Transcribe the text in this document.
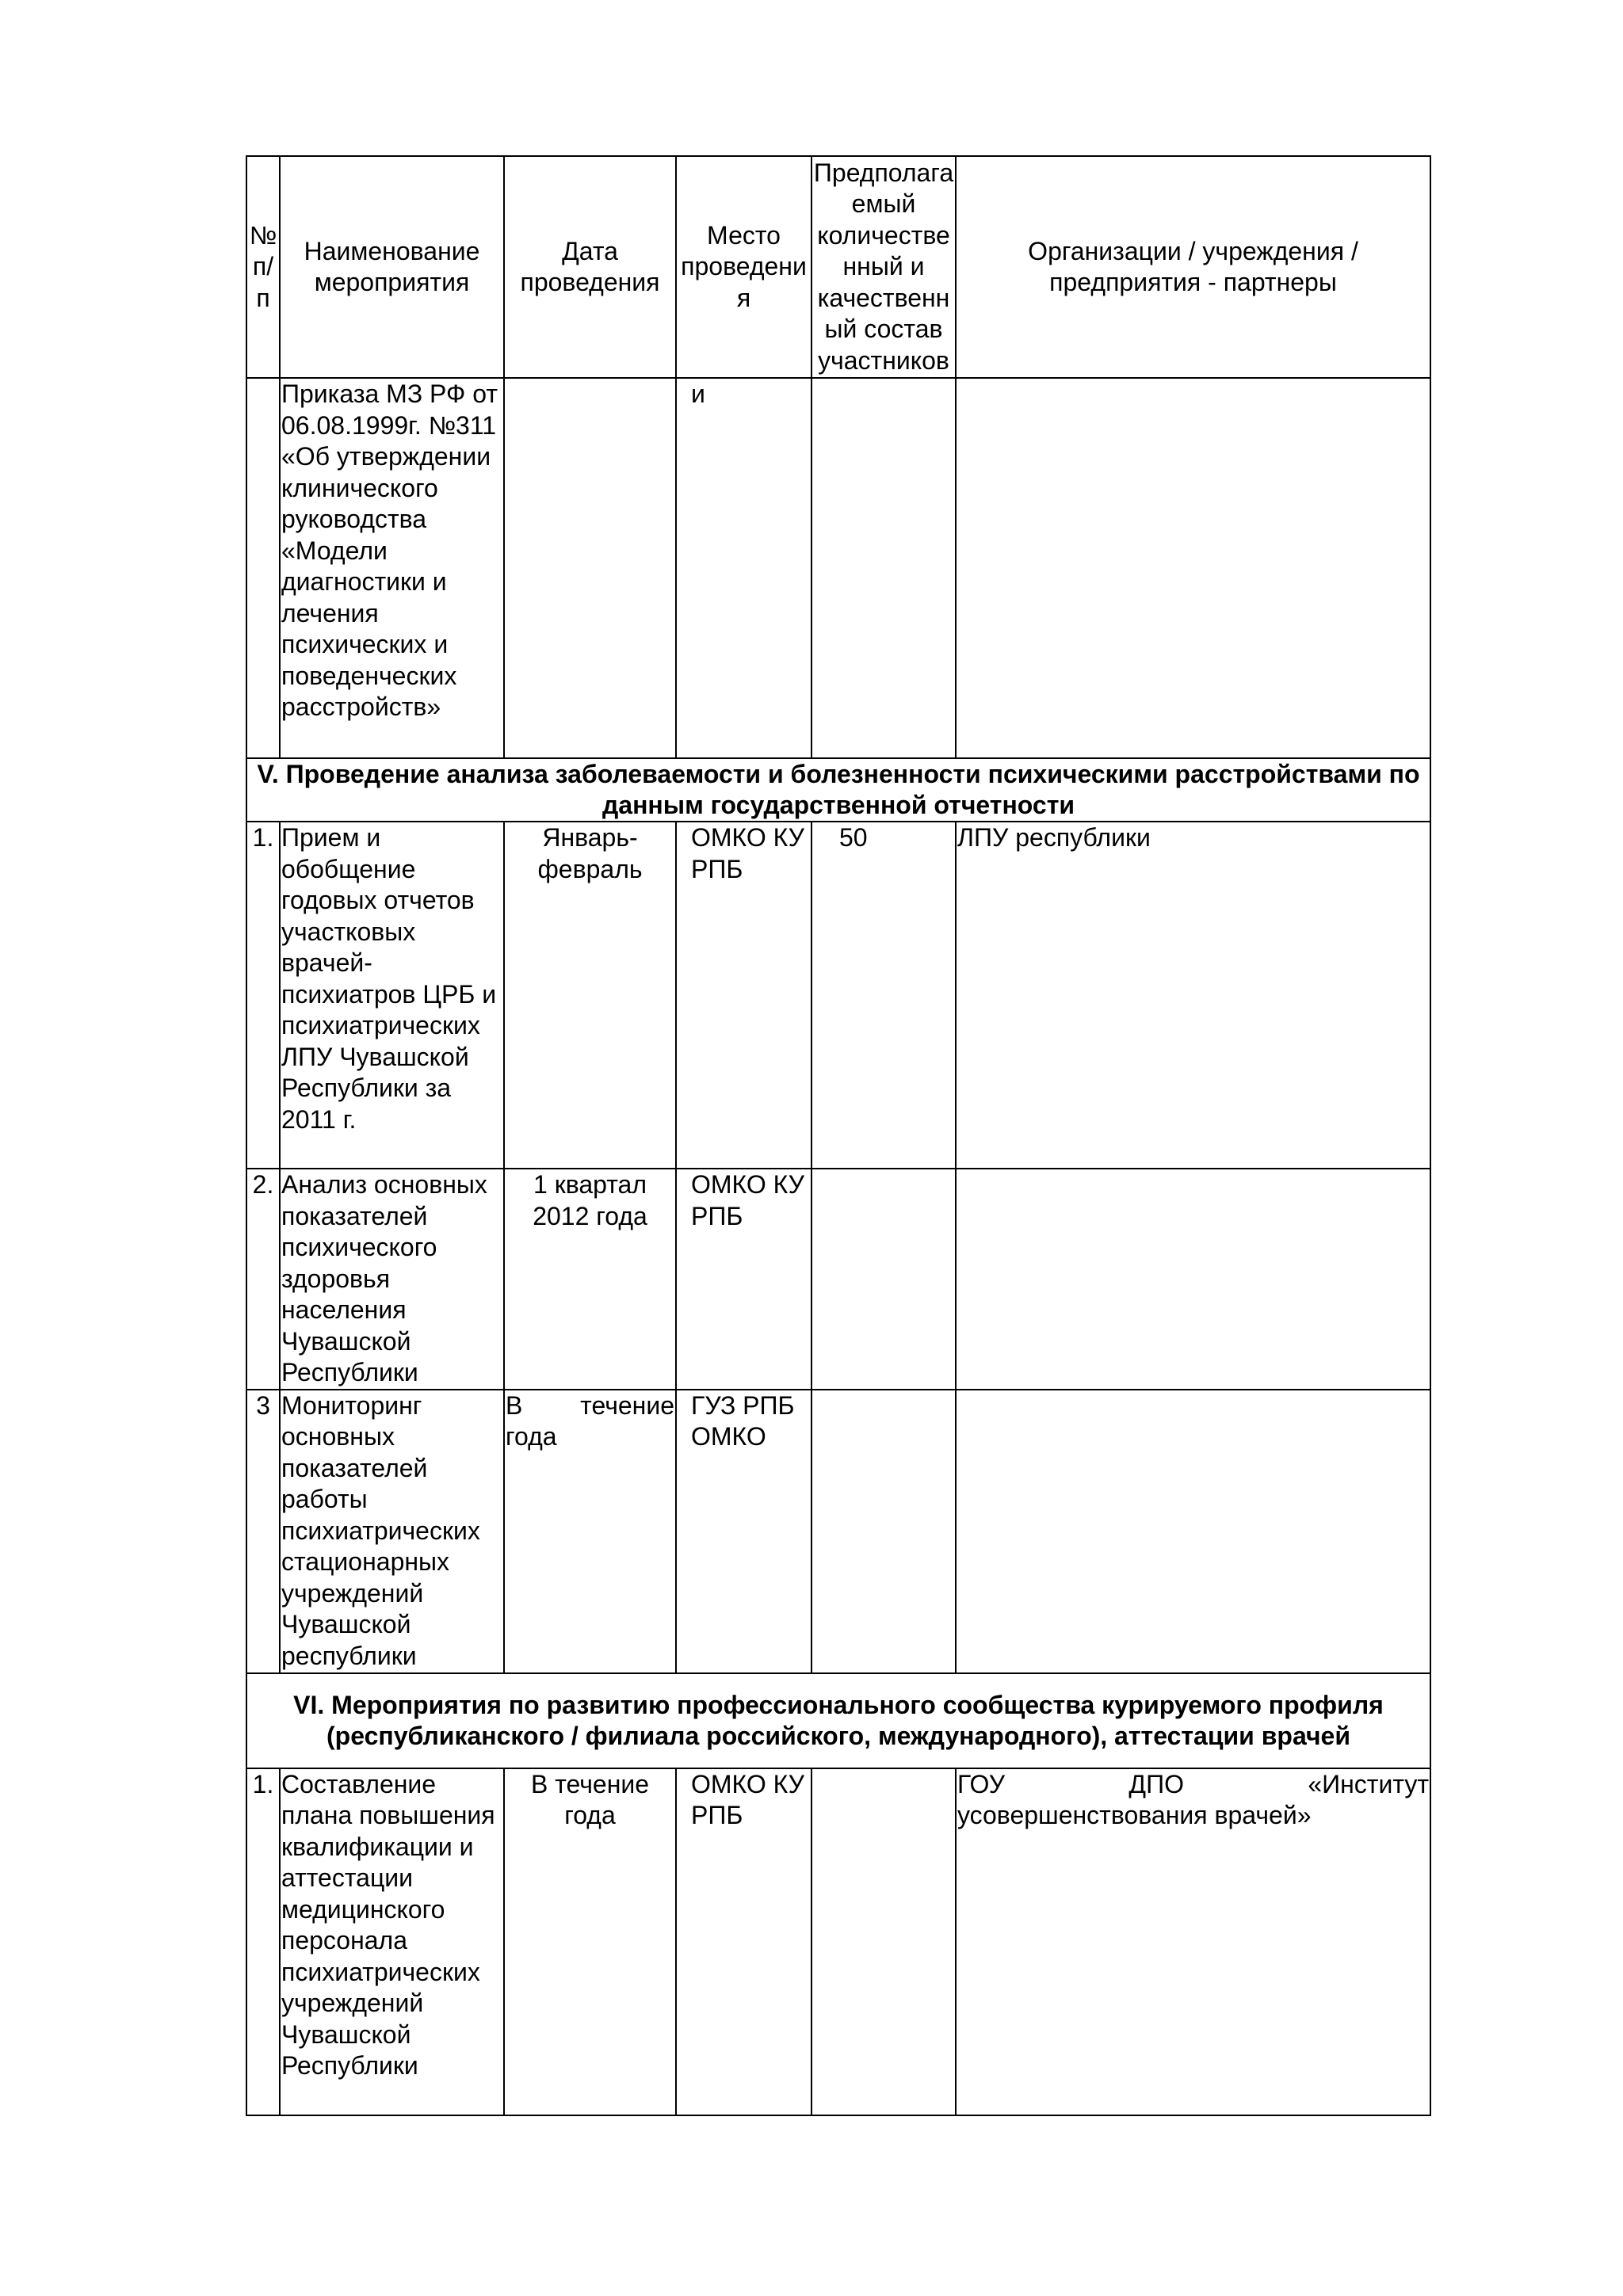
№ п/п	Наименование мероприятия	Дата проведения	Место проведения	Предполагаемый количественный и качественный состав участников	Организации / учреждения / предприятия - партнеры
	Приказа МЗ РФ от 06.08.1999г. №311 «Об утверждении клинического руководства «Модели диагностики и лечения психических и поведенческих расстройств»		и		
V. Проведение анализа заболеваемости и болезненности психическими расстройствами по данным государственной отчетности					
1.	Прием и обобщение годовых отчетов участковых врачей-психиатров ЦРБ и психиатрических ЛПУ Чувашской Республики за 2011 г.	Январь-февраль	ОМКО КУ РПБ	50	ЛПУ республики
2.	Анализ основных показателей психического здоровья населения Чувашской Республики	1 квартал 2012 года	ОМКО КУ РПБ		
3	Мониторинг основных показателей работы психиатрических стационарных учреждений Чувашской республики	В течение года	ГУЗ РПБ ОМКО		
VI. Мероприятия по развитию профессионального сообщества курируемого профиля (республиканского / филиала российского, международного), аттестации врачей					
1.	Составление плана повышения квалификации и аттестации медицинского персонала психиатрических учреждений Чувашской Республики	В течение года	ОМКО КУ РПБ		ГОУ ДПО «Институт усовершенствования врачей»
